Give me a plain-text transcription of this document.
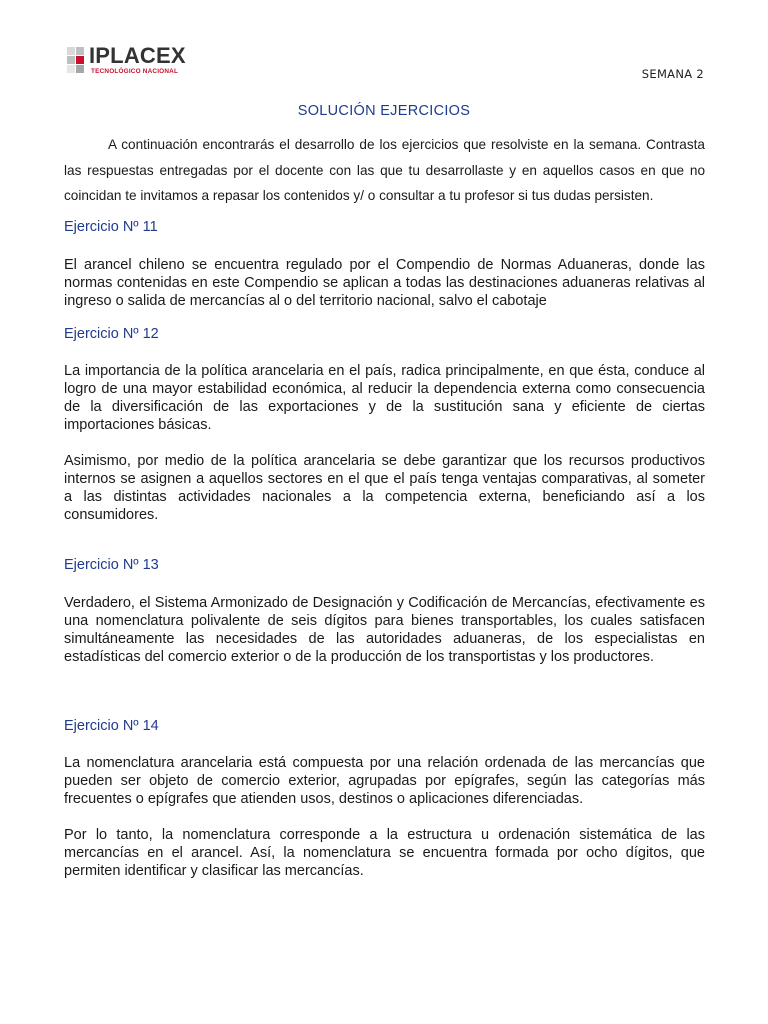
IPLACEX
TECNOLÓGICO NACIONAL	SEMANA 2
SOLUCIÓN EJERCICIOS

A continuación encontrarás el desarrollo de los ejercicios que resolviste en la semana. Contrasta las respuestas entregadas por el docente con las que tu desarrollaste y en aquellos casos en que no coincidan te invitamos a repasar los contenidos y/ o consultar a tu profesor si tus dudas persisten.

Ejercicio Nº 11

El arancel chileno se encuentra regulado por el Compendio de Normas Aduaneras, donde las normas contenidas en este Compendio se aplican a todas las destinaciones aduaneras relativas al ingreso o salida de mercancías al o del territorio nacional, salvo el cabotaje

Ejercicio Nº 12

La importancia de la política arancelaria en el país, radica principalmente, en que ésta, conduce al logro de una mayor estabilidad económica, al reducir la dependencia externa como consecuencia de la diversificación de las exportaciones y de la sustitución sana y eficiente de ciertas importaciones básicas.

Asimismo, por medio de la política arancelaria se debe garantizar que los recursos productivos internos se asignen a aquellos sectores en el que el país tenga ventajas comparativas, al someter a las distintas actividades nacionales a la competencia externa, beneficiando así a los consumidores.

Ejercicio Nº 13

Verdadero, el Sistema Armonizado de Designación y Codificación de Mercancías, efectivamente es una nomenclatura polivalente de seis dígitos para bienes transportables, los cuales satisfacen simultáneamente las necesidades de las autoridades aduaneras, de los especialistas en estadísticas del comercio exterior o de la producción de los transportistas y los productores.

Ejercicio Nº 14

La nomenclatura arancelaria está compuesta por una relación ordenada de las mercancías que pueden ser objeto de comercio exterior, agrupadas por epígrafes, según las categorías más frecuentes o epígrafes que atienden usos, destinos o aplicaciones diferenciadas.

Por lo tanto, la nomenclatura corresponde a la estructura u ordenación sistemática de las mercancías en el arancel. Así, la nomenclatura se encuentra formada por ocho dígitos, que permiten identificar y clasificar las mercancías.
